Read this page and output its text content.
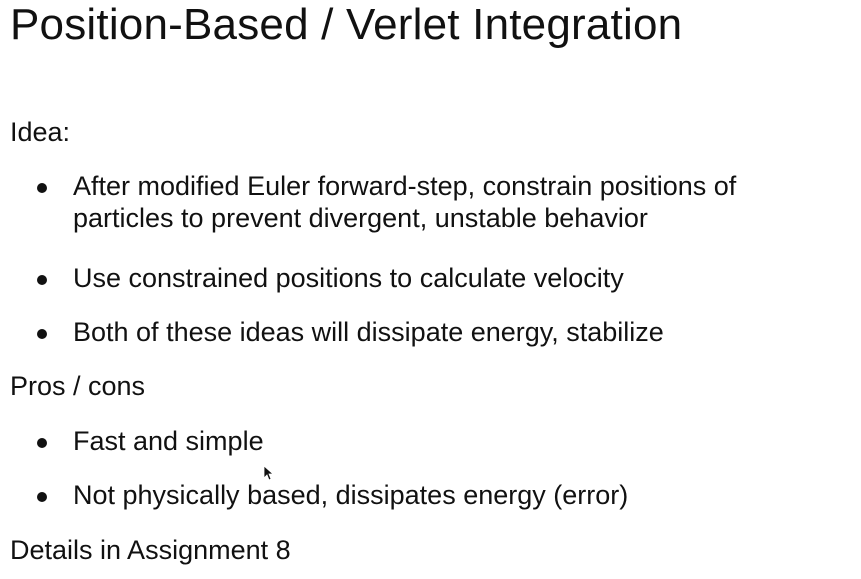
Position-Based / Verlet Integration
Idea:
After modified Euler forward-step, constrain positions of particles to prevent divergent, unstable behavior
Use constrained positions to calculate velocity
Both of these ideas will dissipate energy, stabilize
Pros / cons
Fast and simple
Not physically based, dissipates energy (error)
Details in Assignment 8
